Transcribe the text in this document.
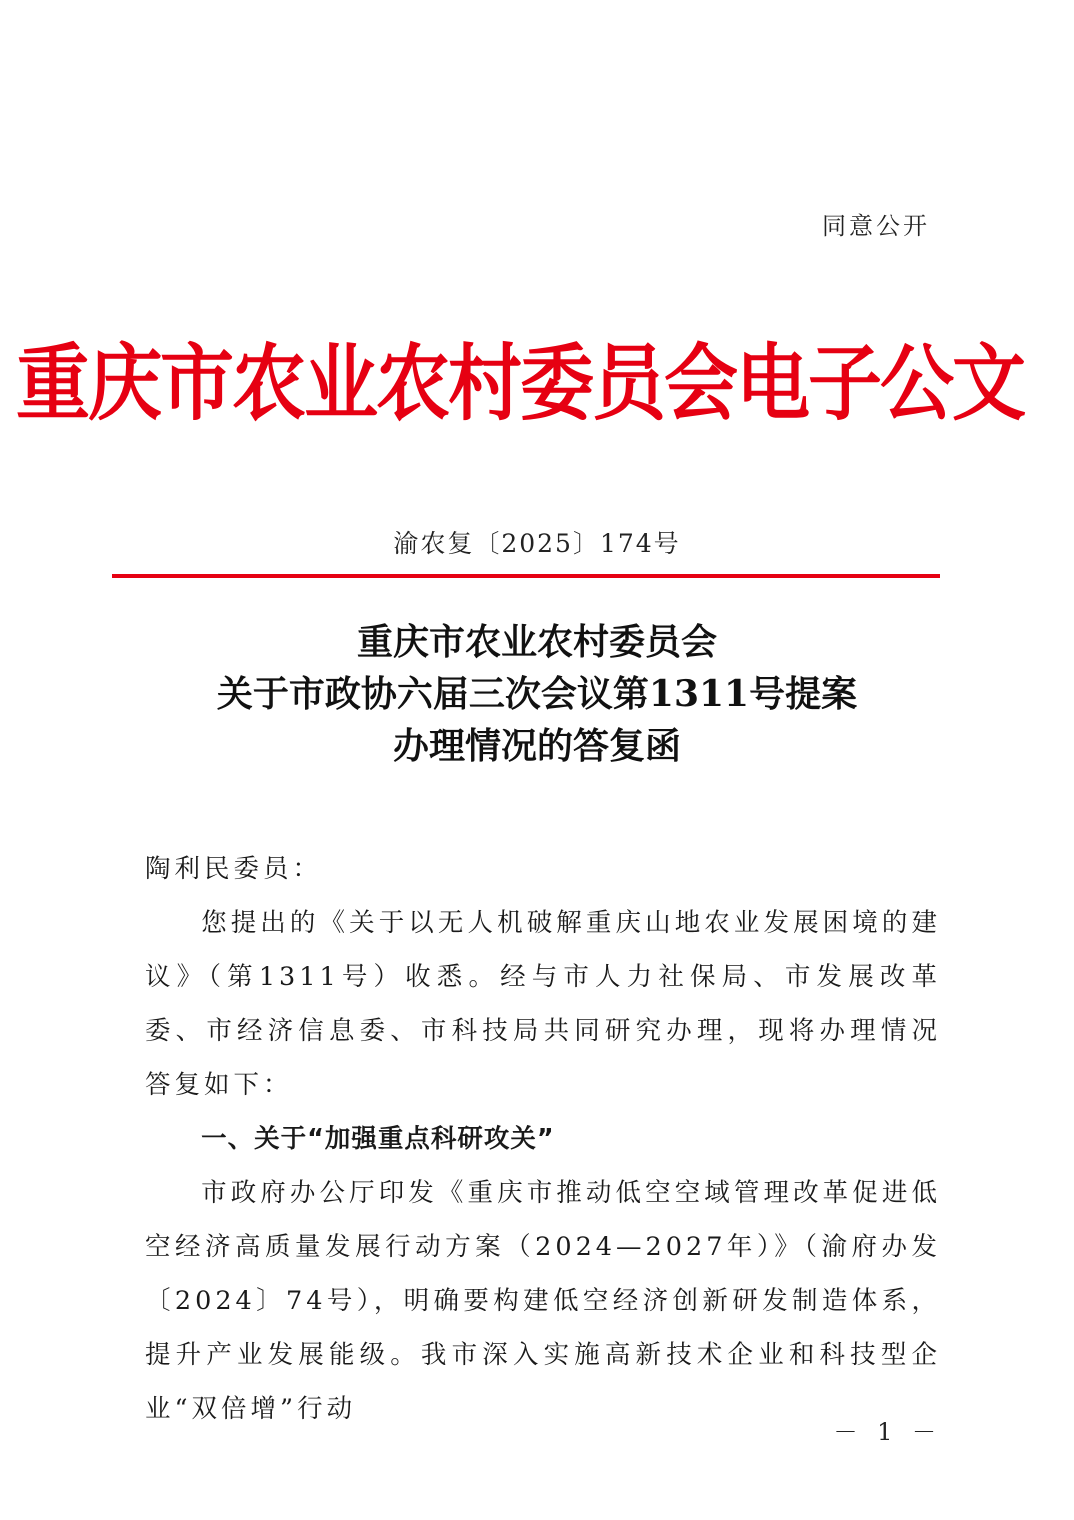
同意公开
重庆市农业农村委员会电子公文
渝农复〔2025〕174号
重庆市农业农村委员会
关于市政协六届三次会议第1311号提案
办理情况的答复函

陶利民委员：

您提出的《关于以无人机破解重庆山地农业发展困境的建议》（第1311号）收悉。经与市人力社保局、市发展改革委、市经济信息委、市科技局共同研究办理，现将办理情况答复如下：

一、关于“加强重点科研攻关”

市政府办公厅印发《重庆市推动低空空域管理改革促进低空经济高质量发展行动方案（2024—2027年）》（渝府办发〔2024〕74号），明确要构建低空经济创新研发制造体系，提升产业发展能级。我市深入实施高新技术企业和科技型企业“双倍增”行动

－ 1 －
